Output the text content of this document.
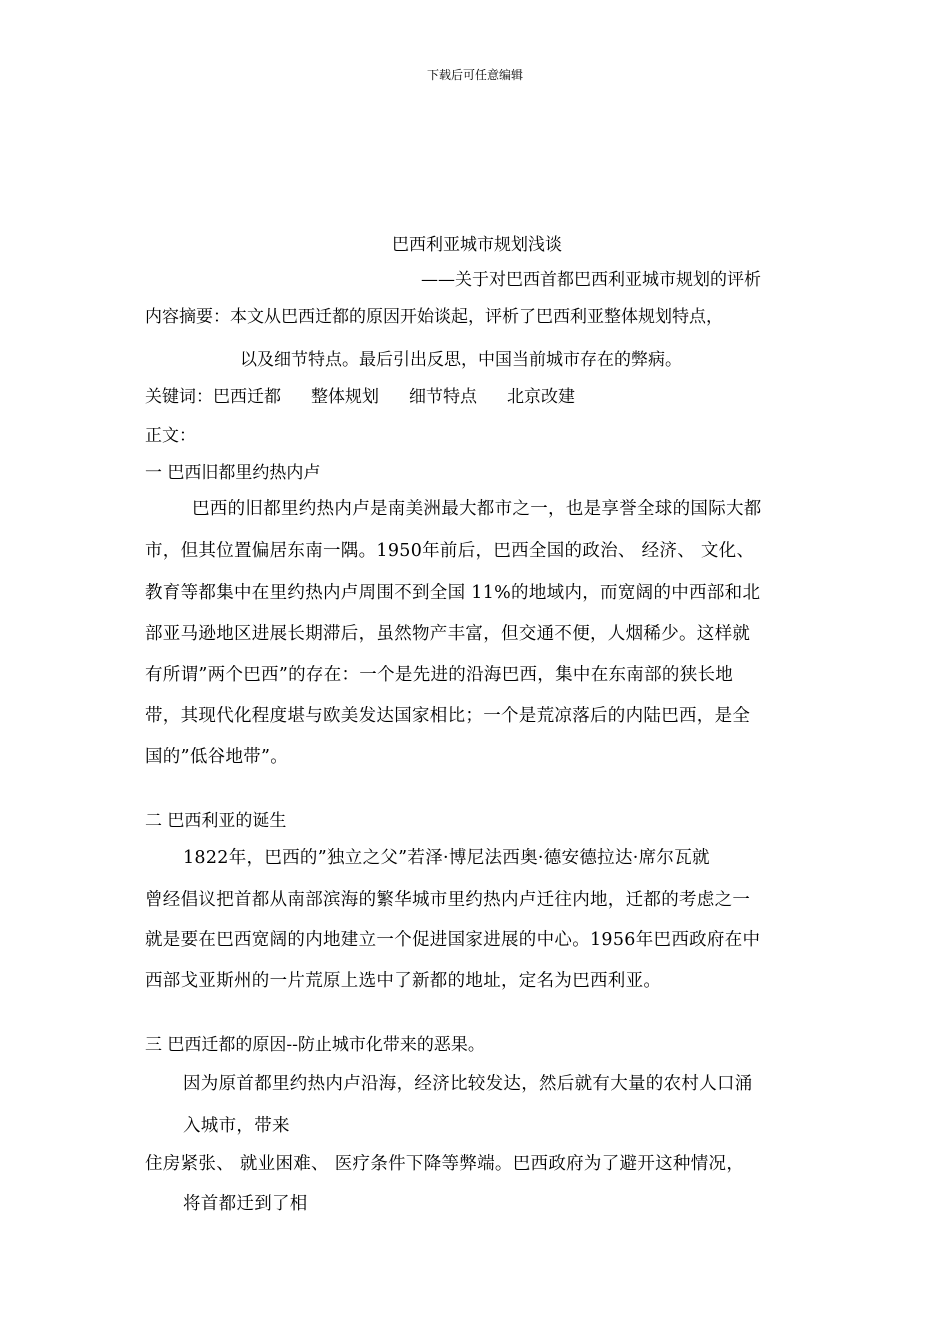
下载后可任意编辑
巴西利亚城市规划浅谈
——关于对巴西首都巴西利亚城市规划的评析
内容摘要：本文从巴西迁都的原因开始谈起，评析了巴西利亚整体规划特点，
以及细节特点。最后引出反思，中国当前城市存在的弊病。
关键词：巴西迁都 整体规划 细节特点 北京改建
正文：
一 巴西旧都里约热内卢
巴西的旧都里约热内卢是南美洲最大都市之一，也是享誉全球的国际大都
市，但其位置偏居东南一隅。1950年前后，巴西全国的政治、 经济、 文化、
教育等都集中在里约热内卢周围不到全国 11%的地域内，而宽阔的中西部和北
部亚马逊地区进展长期滞后，虽然物产丰富，但交通不便，人烟稀少。这样就
有所谓”两个巴西”的存在：一个是先进的沿海巴西，集中在东南部的狭长地
带，其现代化程度堪与欧美发达国家相比；一个是荒凉落后的内陆巴西，是全
国的”低谷地带”。
二 巴西利亚的诞生
1822年，巴西的”独立之父”若泽·博尼法西奥·德安德拉达·席尔瓦就
曾经倡议把首都从南部滨海的繁华城市里约热内卢迁往内地，迁都的考虑之一
就是要在巴西宽阔的内地建立一个促进国家进展的中心。1956年巴西政府在中
西部戈亚斯州的一片荒原上选中了新都的地址，定名为巴西利亚。
三 巴西迁都的原因--防止城市化带来的恶果。
因为原首都里约热内卢沿海，经济比较发达，然后就有大量的农村人口涌
入城市，带来
住房紧张、 就业困难、 医疗条件下降等弊端。巴西政府为了避开这种情况，
将首都迁到了相
